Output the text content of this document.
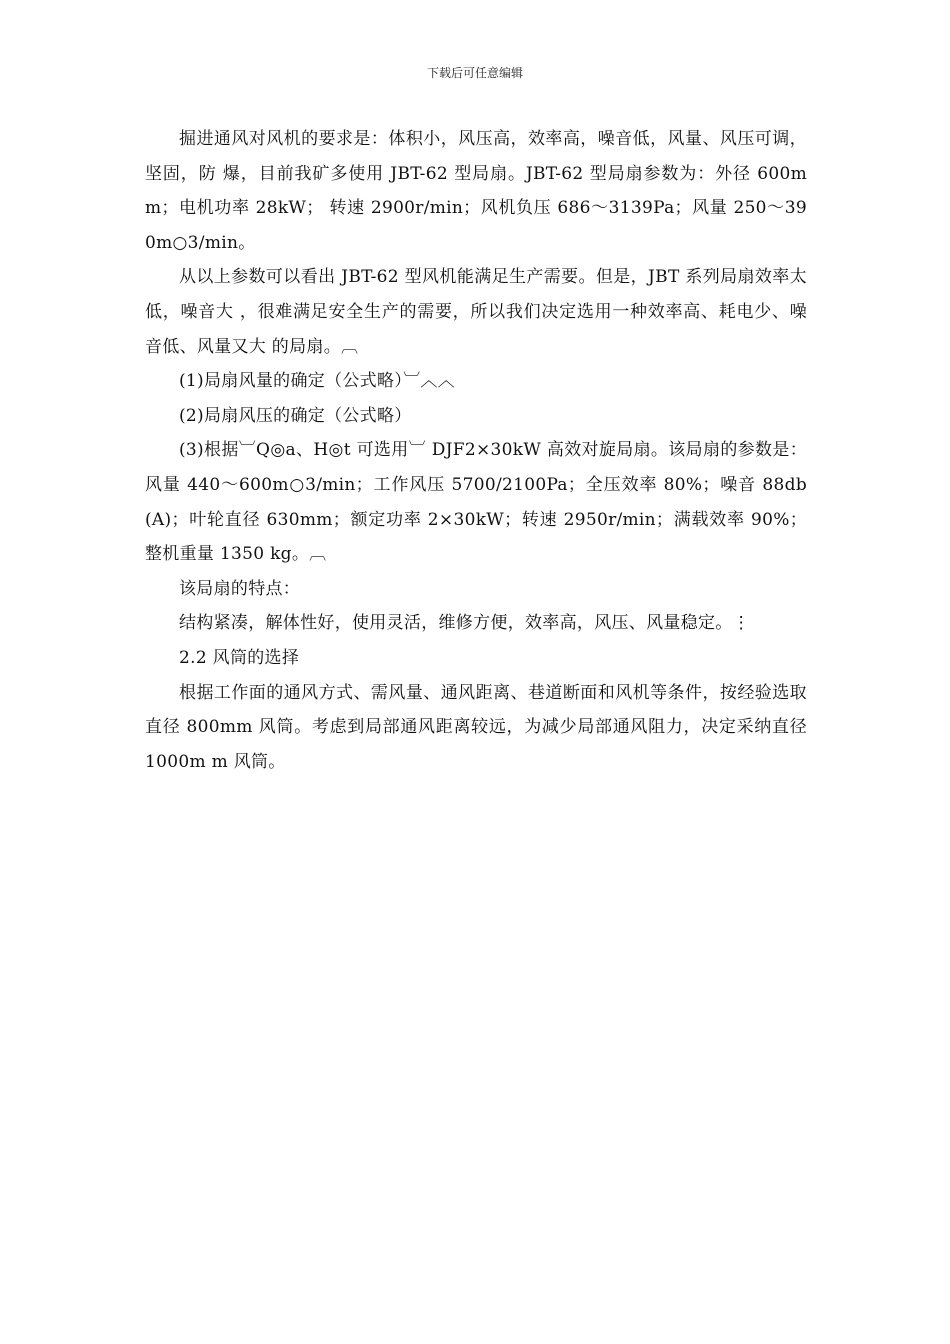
下载后可任意编辑

掘进通风对风机的要求是：体积小，风压高，效率高，噪音低，风量、风压可调，坚固，防 爆，目前我矿多使用 JBT-62 型局扇。JBT-62 型局扇参数为：外径 600mm；电机功率 28kW； 转速 2900r/min；风机负压 686～3139Pa；风量 250～390m○3/min。

从以上参数可以看出 JBT-62 型风机能满足生产需要。但是，JBT 系列局扇效率太低，噪音大 ，很难满足安全生产的需要，所以我们决定选用一种效率高、耗电少、噪音低、风量又大 的局扇。︹

(1)局扇风量的确定（公式略）︺︿︿

(2)局扇风压的确定（公式略）

(3)根据︺Q◎a、H◎t 可选用︺ DJF2×30kW 高效对旋局扇。该局扇的参数是：风量 440～600m○3/min；工作风压 5700/2100Pa；全压效率 80%；噪音 88db(A)；叶轮直径 630mm；额定功率 2×30kW；转速 2950r/min；满载效率 90%；整机重量 1350 kg。︹

该局扇的特点：

结构紧凑，解体性好，使用灵活，维修方便，效率高，风压、风量稳定。⋮

2.2 风筒的选择

根据工作面的通风方式、需风量、通风距离、巷道断面和风机等条件，按经验选取 直径 800mm 风筒。考虑到局部通风距离较远，为减少局部通风阻力，决定采纳直径 1000m m 风筒。
